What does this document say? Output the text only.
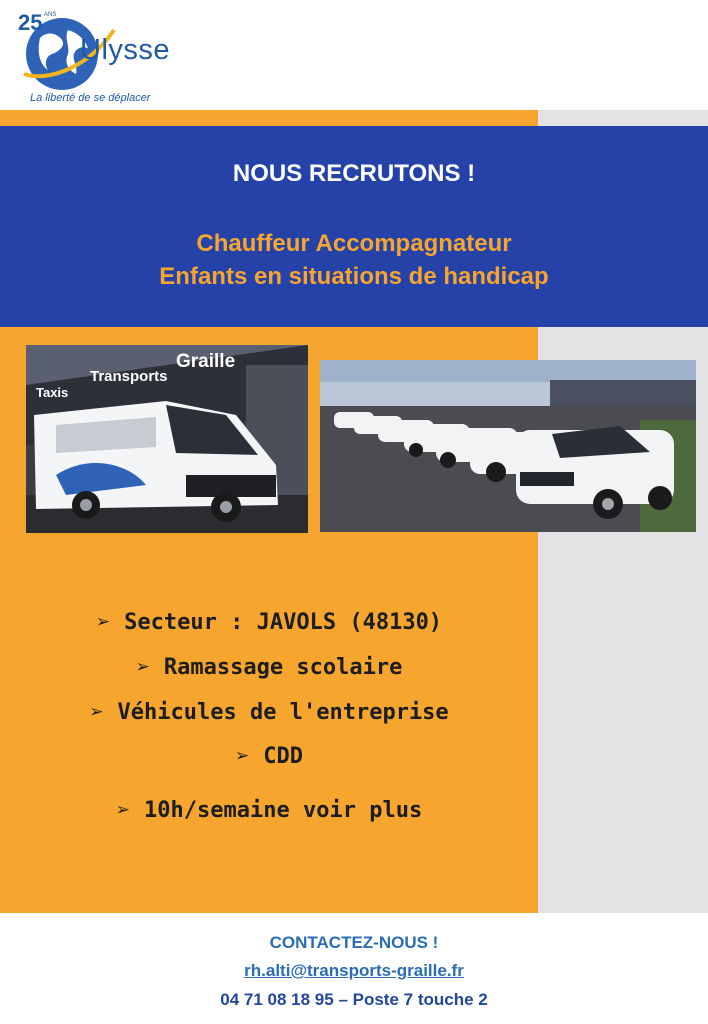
25 ANS
Ulysse
La liberté de se déplacer
NOUS RECRUTONS !
Chauffeur Accompagnateur
Enfants en situations de handicap
Transports
Graille
Taxis
➢ Secteur : JAVOLS (48130)
➢ Ramassage scolaire
➢ Véhicules de l'entreprise
➢ CDD
➢ 10h/semaine voir plus
CONTACTEZ-NOUS !
rh.alti@transports-graille.fr
04 71 08 18 95 – Poste 7 touche 2
